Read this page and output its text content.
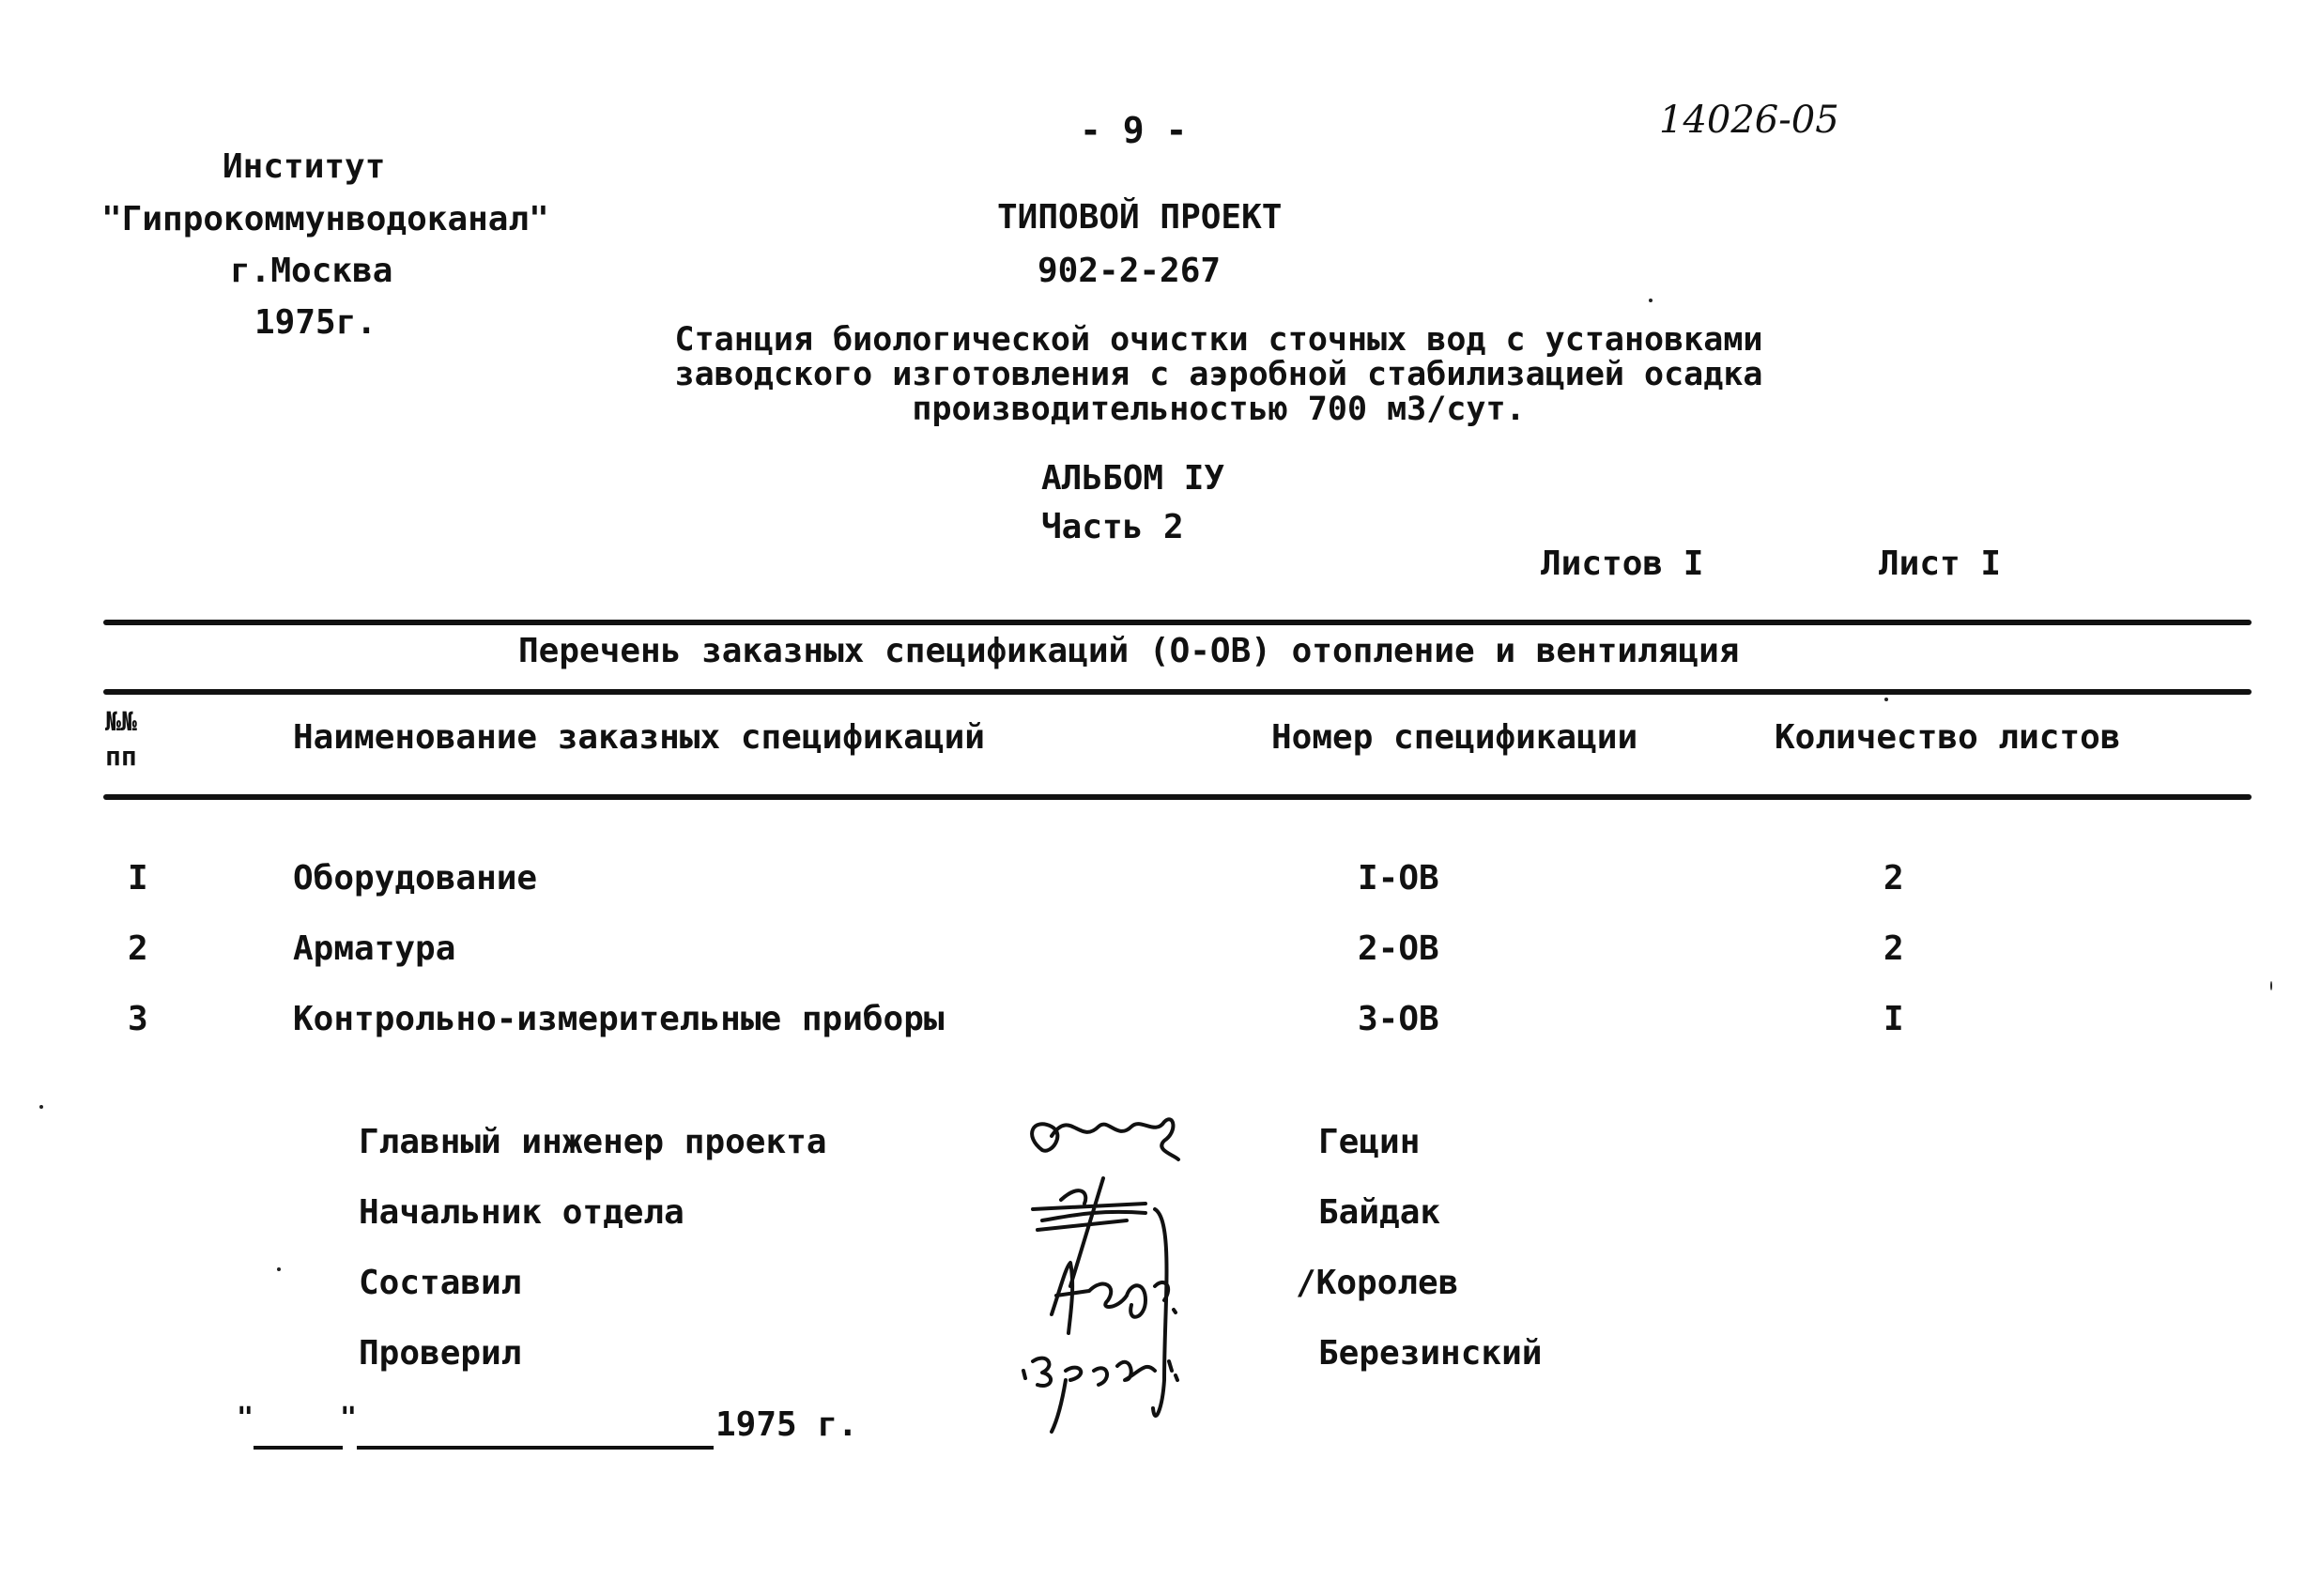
- 9 -	14026-05
Институт
"Гипрокоммунводоканал"
г.Москва
1975г.
ТИПОВОЙ ПРОЕКТ
902-2-267
Станция биологической очистки сточных вод с установками
заводского изготовления с аэробной стабилизацией осадка
производительностью 700 м3/сут.
АЛЬБОМ IУ
Часть 2
Листов I	Лист I
Перечень заказных спецификаций (О-ОВ) отопление и вентиляция
№№
пп	Наименование заказных спецификаций	Номер спецификации	Количество листов
I	Оборудование	I-ОВ	2
2	Арматура	2-ОВ	2
3	Контрольно-измерительные приборы	3-ОВ	I
Главный инженер проекта	Гецин
Начальник отдела	Байдак
Составил	/Королев
Проверил	Березинский
"	"	1975 г.
